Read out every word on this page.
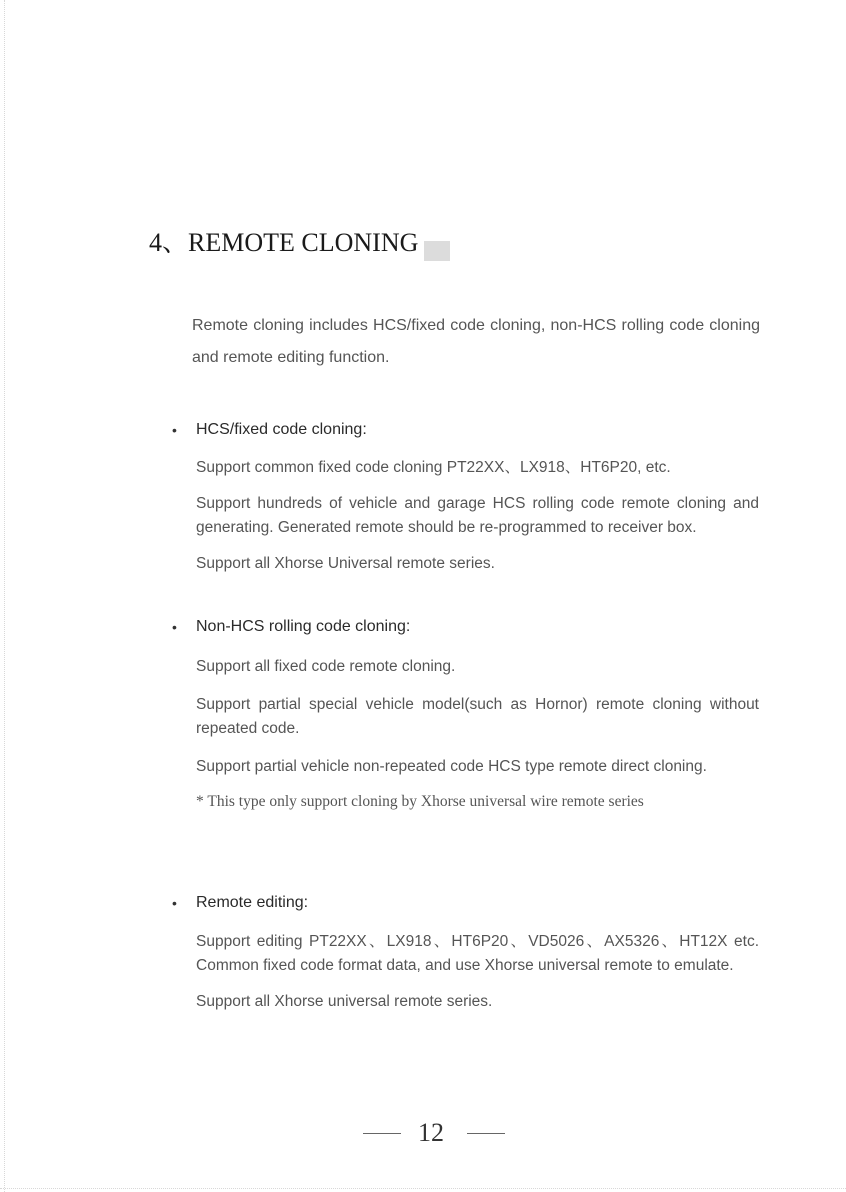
4、REMOTE CLONING

Remote cloning includes HCS/fixed code cloning, non-HCS rolling code cloning and remote editing function.

• HCS/fixed code cloning:

Support common fixed code cloning PT22XX、LX918、HT6P20, etc.

Support hundreds of vehicle and garage HCS rolling code remote cloning and generating. Generated remote should be re-programmed to receiver box.

Support all Xhorse Universal remote series.

• Non-HCS rolling code cloning:

Support all fixed code remote cloning.

Support partial special vehicle model(such as Hornor) remote cloning without repeated code.

Support partial vehicle non-repeated code HCS type remote direct cloning.

* This type only support cloning by Xhorse universal wire remote series

• Remote editing:

Support editing PT22XX、LX918、HT6P20、VD5026、AX5326、HT12X etc. Common fixed code format data, and use Xhorse universal remote to emulate.

Support all Xhorse universal remote series.

12
